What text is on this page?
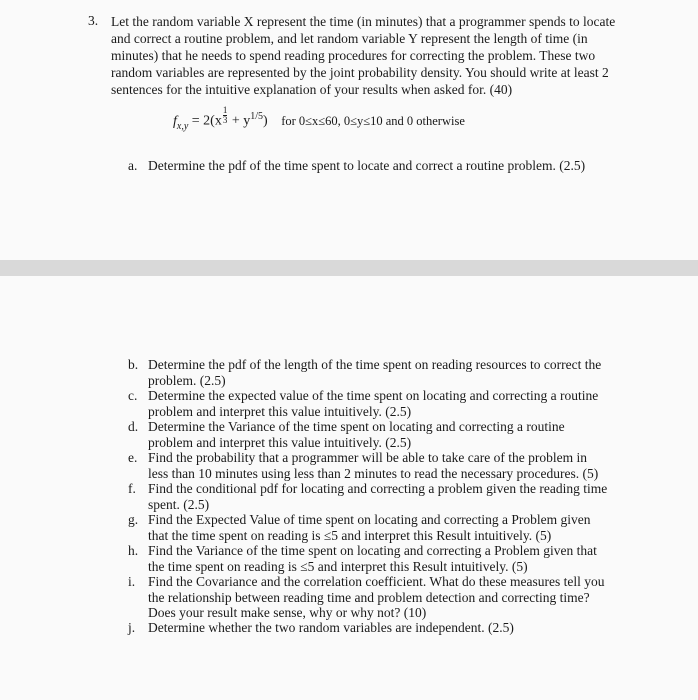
3. Let the random variable X represent the time (in minutes) that a programmer spends to locate and correct a routine problem, and let random variable Y represent the length of time (in minutes) that he needs to spend reading procedures for correcting the problem. These two random variables are represented by the joint probability density. You should write at least 2 sentences for the intuitive explanation of your results when asked for. (40)
$f_{x,y} = 2(x\frac{1}{3} + y^{1/5})$ for 0≤x≤60, 0≤y≤10 and 0 otherwise
a. Determine the pdf of the time spent to locate and correct a routine problem. (2.5)
b. Determine the pdf of the length of the time spent on reading resources to correct the problem. (2.5)
c. Determine the expected value of the time spent on locating and correcting a routine problem and interpret this value intuitively. (2.5)
d. Determine the Variance of the time spent on locating and correcting a routine problem and interpret this value intuitively. (2.5)
e. Find the probability that a programmer will be able to take care of the problem in less than 10 minutes using less than 2 minutes to read the necessary procedures. (5)
f. Find the conditional pdf for locating and correcting a problem given the reading time spent. (2.5)
g. Find the Expected Value of time spent on locating and correcting a Problem given that the time spent on reading is ≤5 and interpret this Result intuitively. (5)
h. Find the Variance of the time spent on locating and correcting a Problem given that the time spent on reading is ≤5 and interpret this Result intuitively. (5)
i. Find the Covariance and the correlation coefficient. What do these measures tell you the relationship between reading time and problem detection and correcting time? Does your result make sense, why or why not? (10)
j. Determine whether the two random variables are independent. (2.5)
